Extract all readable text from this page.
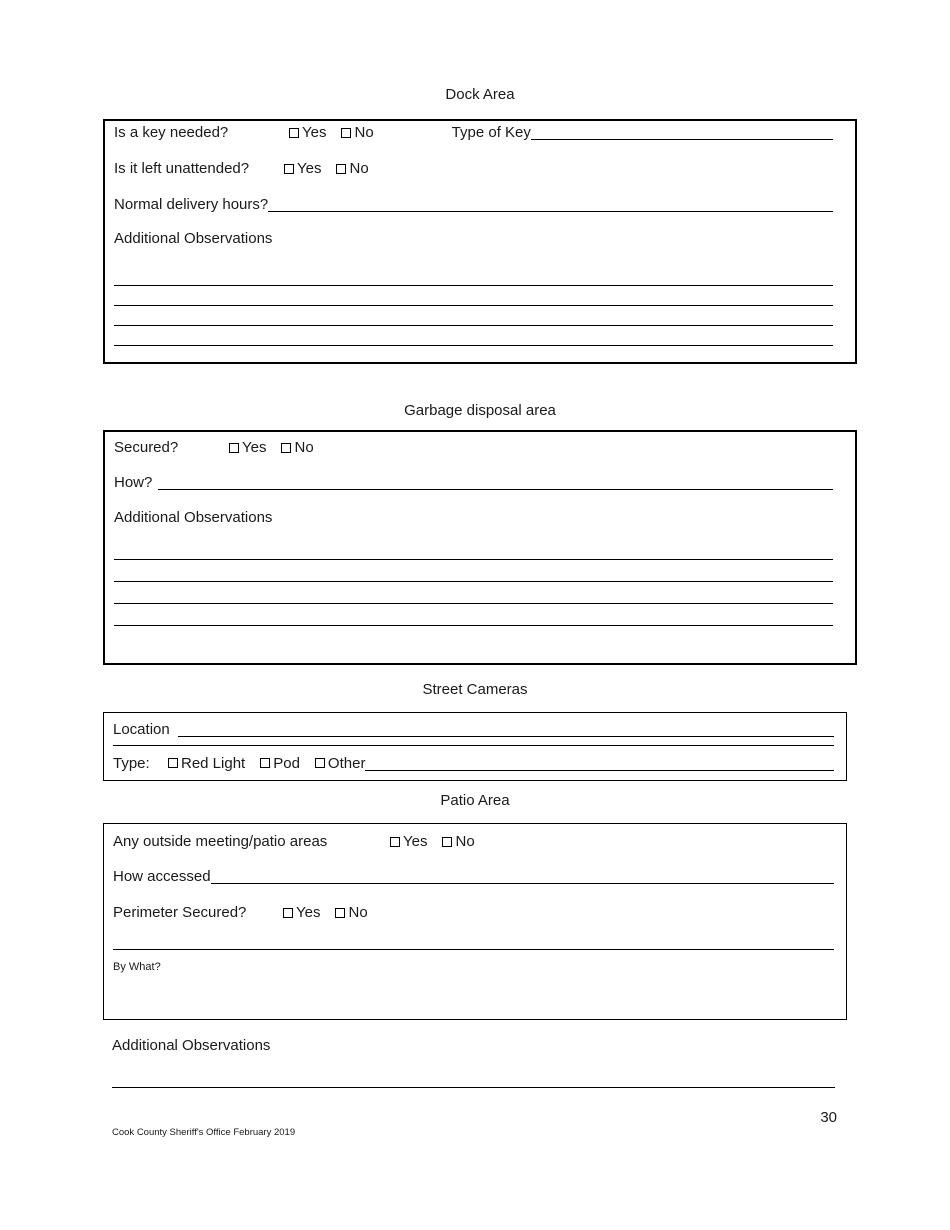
Dock Area
Is a key needed?	Yes No	Type of Key
Is it left unattended?	Yes No
Normal delivery hours?
Additional Observations
Garbage disposal area
Secured?	Yes No
How?
Additional Observations
Street Cameras
Location
Type:	Red Light Pod Other
Patio Area
Any outside meeting/patio areas	Yes No
How accessed
Perimeter Secured?	Yes No
By What?
Additional Observations
30
Cook County Sheriff's Office February 2019
